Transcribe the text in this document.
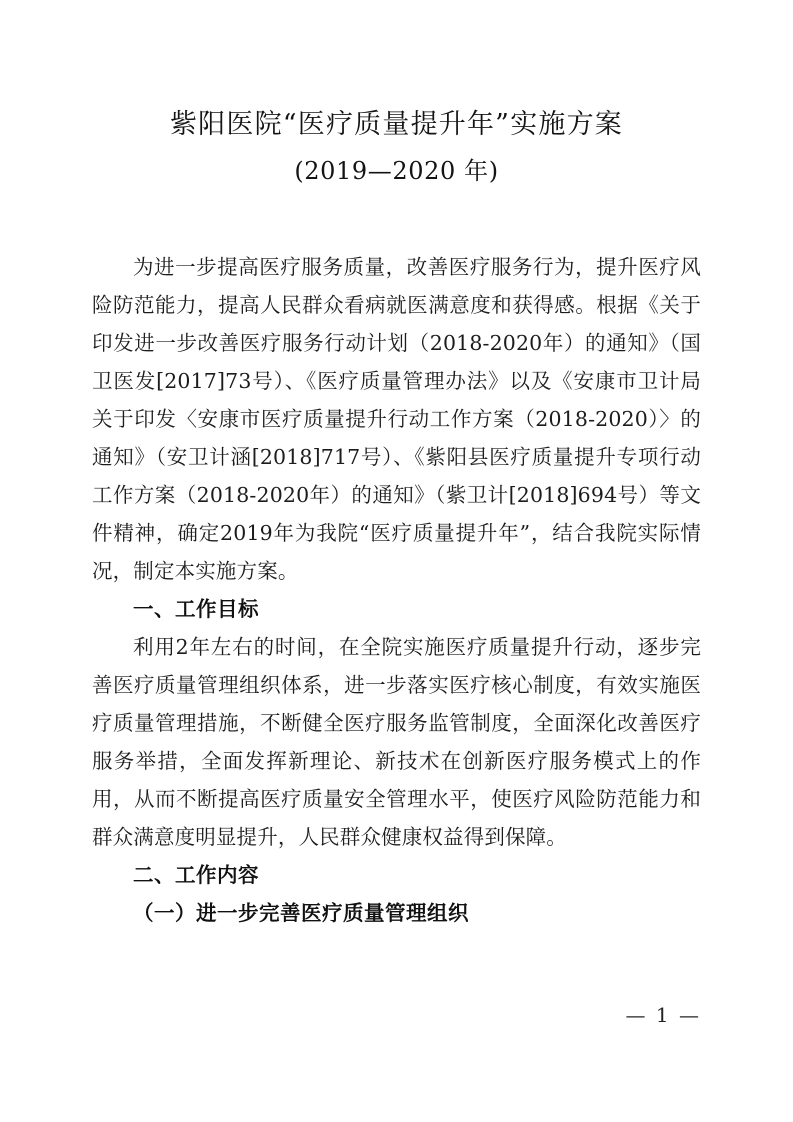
紫阳医院“医疗质量提升年”实施方案
(2019—2020 年)

为进一步提高医疗服务质量，改善医疗服务行为，提升医疗风险防范能力，提高人民群众看病就医满意度和获得感。根据《关于印发进一步改善医疗服务行动计划（2018-2020年）的通知》（国卫医发[2017]73号）、《医疗质量管理办法》以及《安康市卫计局关于印发〈安康市医疗质量提升行动工作方案（2018-2020）〉的通知》（安卫计涵[2018]717号）、《紫阳县医疗质量提升专项行动工作方案（2018-2020年）的通知》（紫卫计[2018]694号）等文件精神，确定2019年为我院“医疗质量提升年”，结合我院实际情况，制定本实施方案。

一、工作目标

利用2年左右的时间，在全院实施医疗质量提升行动，逐步完善医疗质量管理组织体系，进一步落实医疗核心制度，有效实施医疗质量管理措施，不断健全医疗服务监管制度，全面深化改善医疗服务举措，全面发挥新理论、新技术在创新医疗服务模式上的作用，从而不断提高医疗质量安全管理水平，使医疗风险防范能力和群众满意度明显提升，人民群众健康权益得到保障。

二、工作内容

（一）进一步完善医疗质量管理组织

— 1 —
